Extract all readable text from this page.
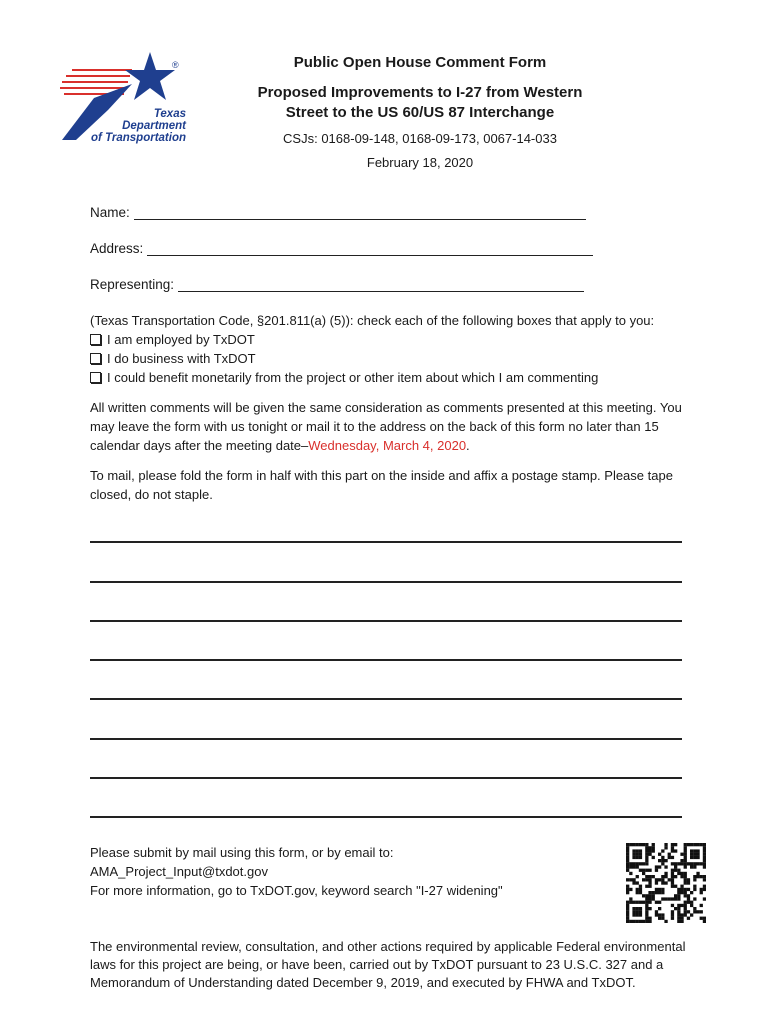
®
Texas
Department
of Transportation
Public Open House Comment Form
Proposed Improvements to I-27 from Western
Street to the US 60/US 87 Interchange
CSJs: 0168-09-148, 0168-09-173, 0067-14-033
February 18, 2020
Name:
Address:
Representing:
(Texas Transportation Code, §201.811(a) (5)): check each of the following boxes that apply to you:
I am employed by TxDOT
I do business with TxDOT
I could benefit monetarily from the project or other item about which I am commenting
All written comments will be given the same consideration as comments presented at this meeting. You may leave the form with us tonight or mail it to the address on the back of this form no later than 15 calendar days after the meeting date–Wednesday, March 4, 2020.
To mail, please fold the form in half with this part on the inside and affix a postage stamp. Please tape closed, do not staple.
Please submit by mail using this form, or by email to:
AMA_Project_Input@txdot.gov
For more information, go to TxDOT.gov, keyword search "I-27 widening"
The environmental review, consultation, and other actions required by applicable Federal environmental laws for this project are being, or have been, carried out by TxDOT pursuant to 23 U.S.C. 327 and a Memorandum of Understanding dated December 9, 2019, and executed by FHWA and TxDOT.
